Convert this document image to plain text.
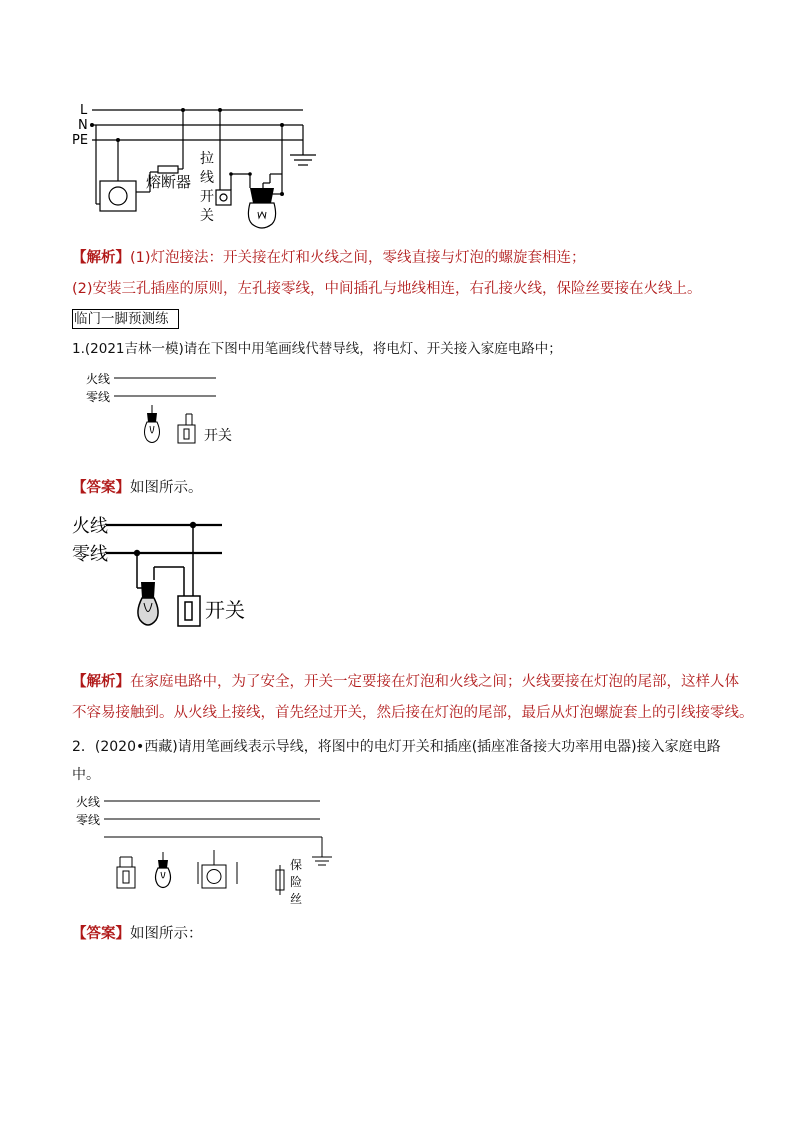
L
N
PE
熔断器
拉
线
开
关
【解析】(1)灯泡接法：开关接在灯和火线之间，零线直接与灯泡的螺旋套相连；
(2)安装三孔插座的原则，左孔接零线，中间插孔与地线相连，右孔接火线，保险丝要接在火线上。
临门一脚预测练
1.(2021吉林一模)请在下图中用笔画线代替导线，将电灯、开关接入家庭电路中；
火线
零线
开关
【答案】如图所示。
火线
零线
开关
【解析】在家庭电路中，为了安全，开关一定要接在灯泡和火线之间；火线要接在灯泡的尾部，这样人体
不容易接触到。从火线上接线，首先经过开关，然后接在灯泡的尾部，最后从灯泡螺旋套上的引线接零线。
2．(2020•西藏)请用笔画线表示导线，将图中的电灯开关和插座(插座准备接大功率用电器)接入家庭电路
中。
火线
零线
保
险
丝
【答案】如图所示：
